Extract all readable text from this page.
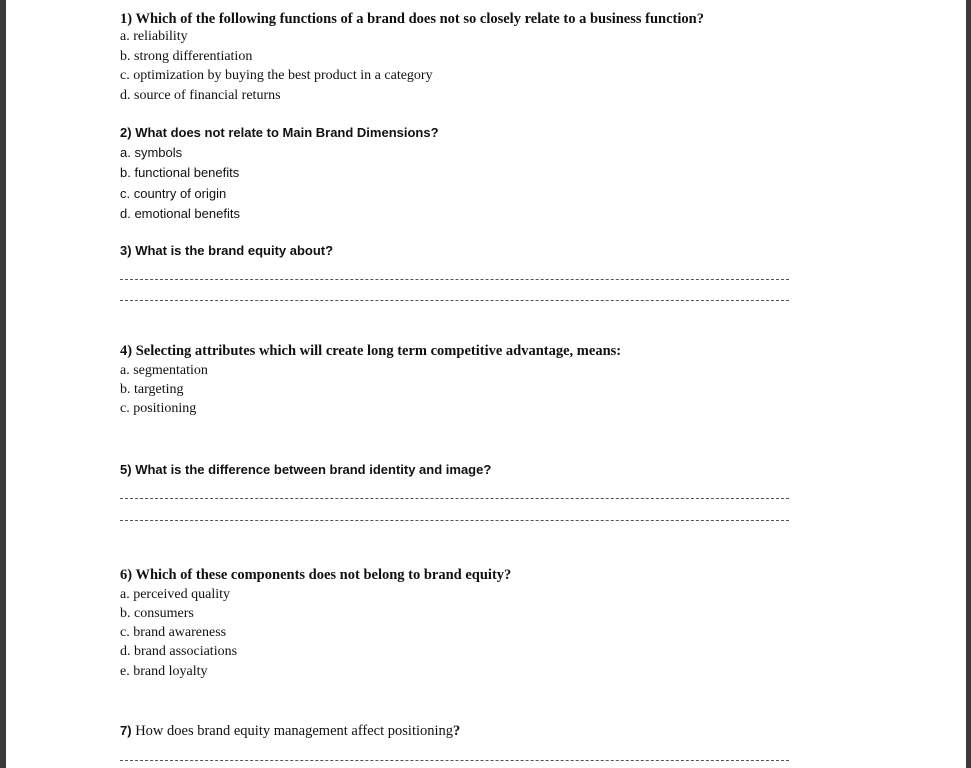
1) Which of the following functions of a brand does not so closely relate to a business function?

a. reliability

b. strong differentiation

c. optimization by buying the best product in a category

d. source of financial returns

2) What does not relate to Main Brand Dimensions?

a. symbols

b. functional benefits

c. country of origin

d. emotional benefits

3) What is the brand equity about?

4) Selecting attributes which will create long term competitive advantage, means:

a. segmentation

b. targeting

c. positioning

5) What is the difference between brand identity and image?

6) Which of these components does not belong to brand equity?

a. perceived quality

b. consumers

c. brand awareness

d. brand associations

e. brand loyalty

7) How does brand equity management affect positioning?
